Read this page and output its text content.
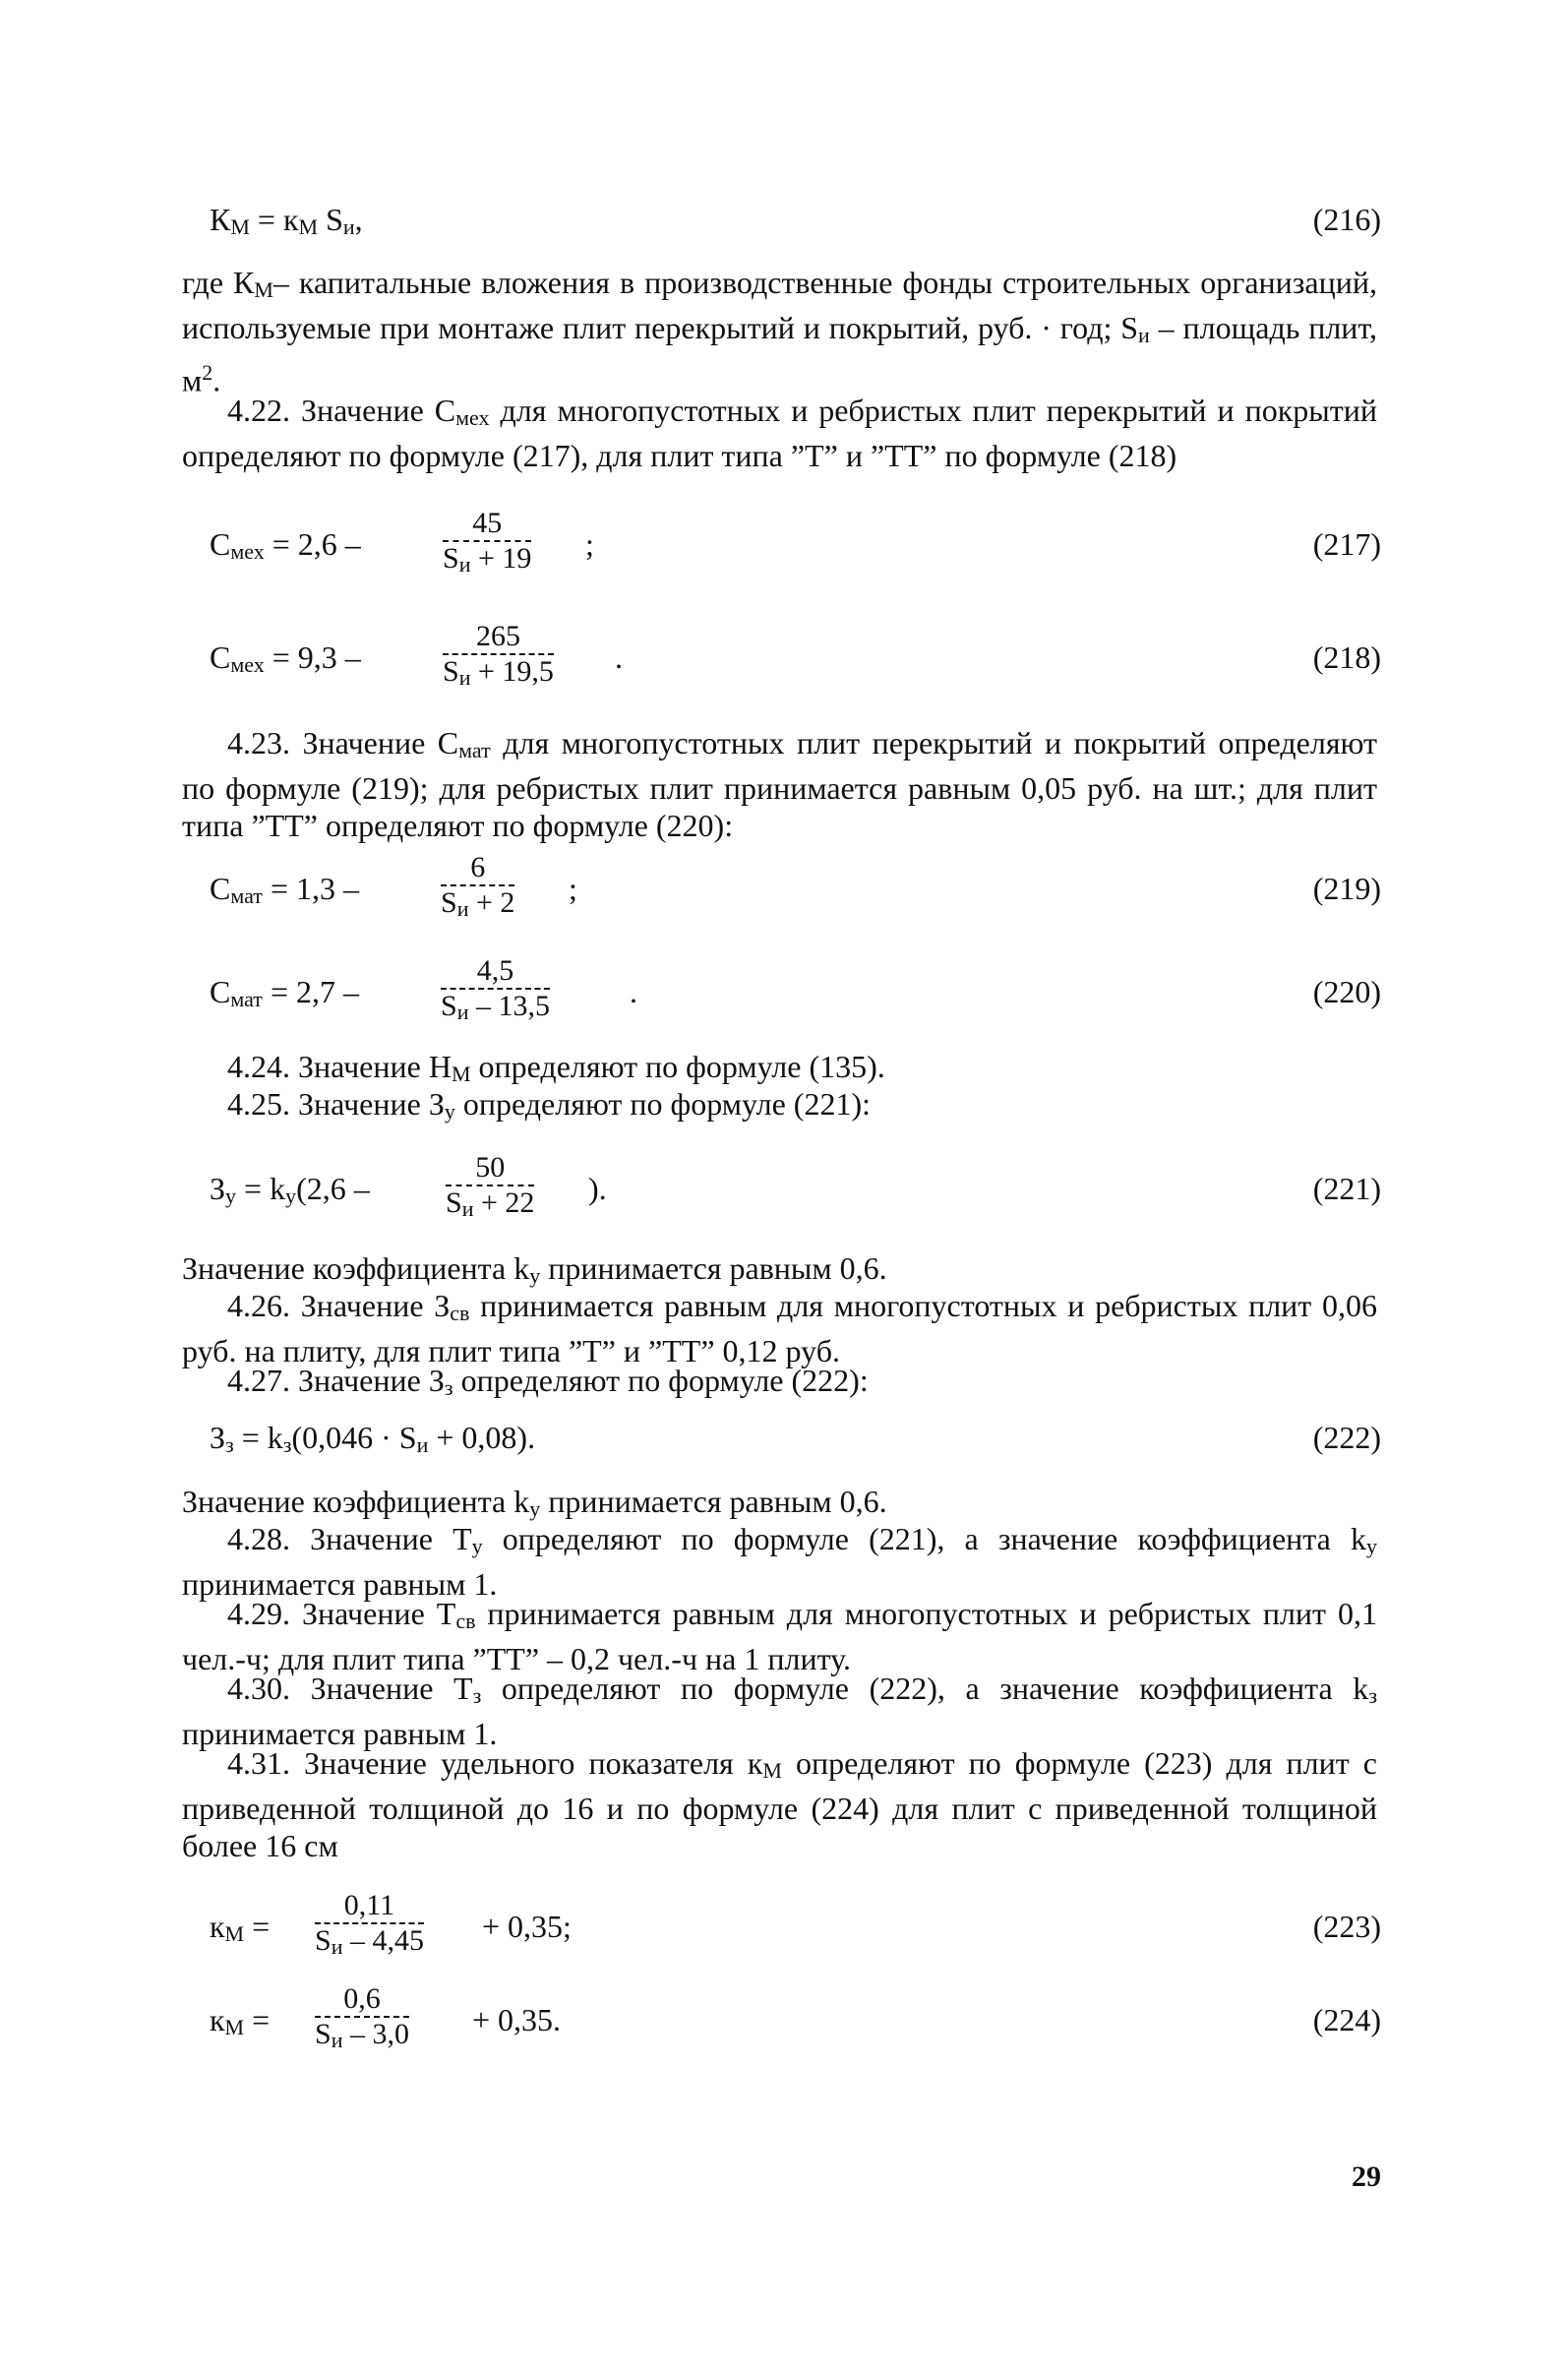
$К_М = к_М$ $S_и$,	(216)
где $К_М-$ капитальные вложения в производственные фонды строительных организаций, используемые при монтаже плит перекрытий и покрытий, руб. · год; $S_и$ – площадь плит, $м^2$.
4.22. Значение $С_{мех}$ для многопустотных и ребристых плит перекрытий и покрытий определяют по формуле (217), для плит типа ”Т” и ”ТТ” по формуле (218)
$С_{мех} = 2,6$ –
45
$S_и + 19$ ;	(217)
$С_{мех} = 9,3$ –
265
$S_и + 19,5$ .	(218)
4.23. Значение $С_{мат}$ для многопустотных плит перекрытий и покрытий определяют по формуле (219); для ребристых плит принимается равным 0,05 руб. на шт.; для плит типа ”ТТ” определяют по формуле (220):
$С_{мат} = 1,3$ –
6
$S_и + 2$ ;	(219)
$С_{мат} = 2,7$ –
4,5
$S_и - 13,5$	.	(220)
4.24. Значение $Н_М$ определяют по формуле (135).
4.25. Значение $З_у$ определяют по формуле (221):
$З_у = k_у(2,6$ –
50
$S_и + 22$ ).	(221)
Значение коэффициента $k_у$ принимается равным 0,6.
4.26. Значение $З_{св}$ принимается равным для многопустотных и ребристых плит 0,06 руб. на плиту, для плит типа ”Т” и ”ТТ” 0,12 руб.
4.27. Значение $З_з$ определяют по формуле (222):
$З_з = k_з(0,046 \cdot S_и + 0,08)$.	(222)
Значение коэффициента $k_у$ принимается равным 0,6.
4.28. Значение $Т_у$ определяют по формуле (221), а значение коэффициента $k_у$ принимается равным 1.
4.29. Значение $Т_{св}$ принимается равным для многопустотных и ребристых плит 0,1 чел.-ч; для плит типа ”ТТ” – 0,2 чел.-ч на 1 плиту.
4.30. Значение $Т_з$ определяют по формуле (222), а значение коэффициента $k_з$ принимается равным 1.
4.31. Значение удельного показателя $к_М$ определяют по формуле (223) для плит с приведенной толщиной до 16 и по формуле (224) для плит с приведенной толщиной более 16 см
$к_М$ =
0,11
$S_и - 4,45 + 0,35$;	(223)
$к_М$ =
0,6
$S_и - 3,0 + 0,35$.	(224)
29
